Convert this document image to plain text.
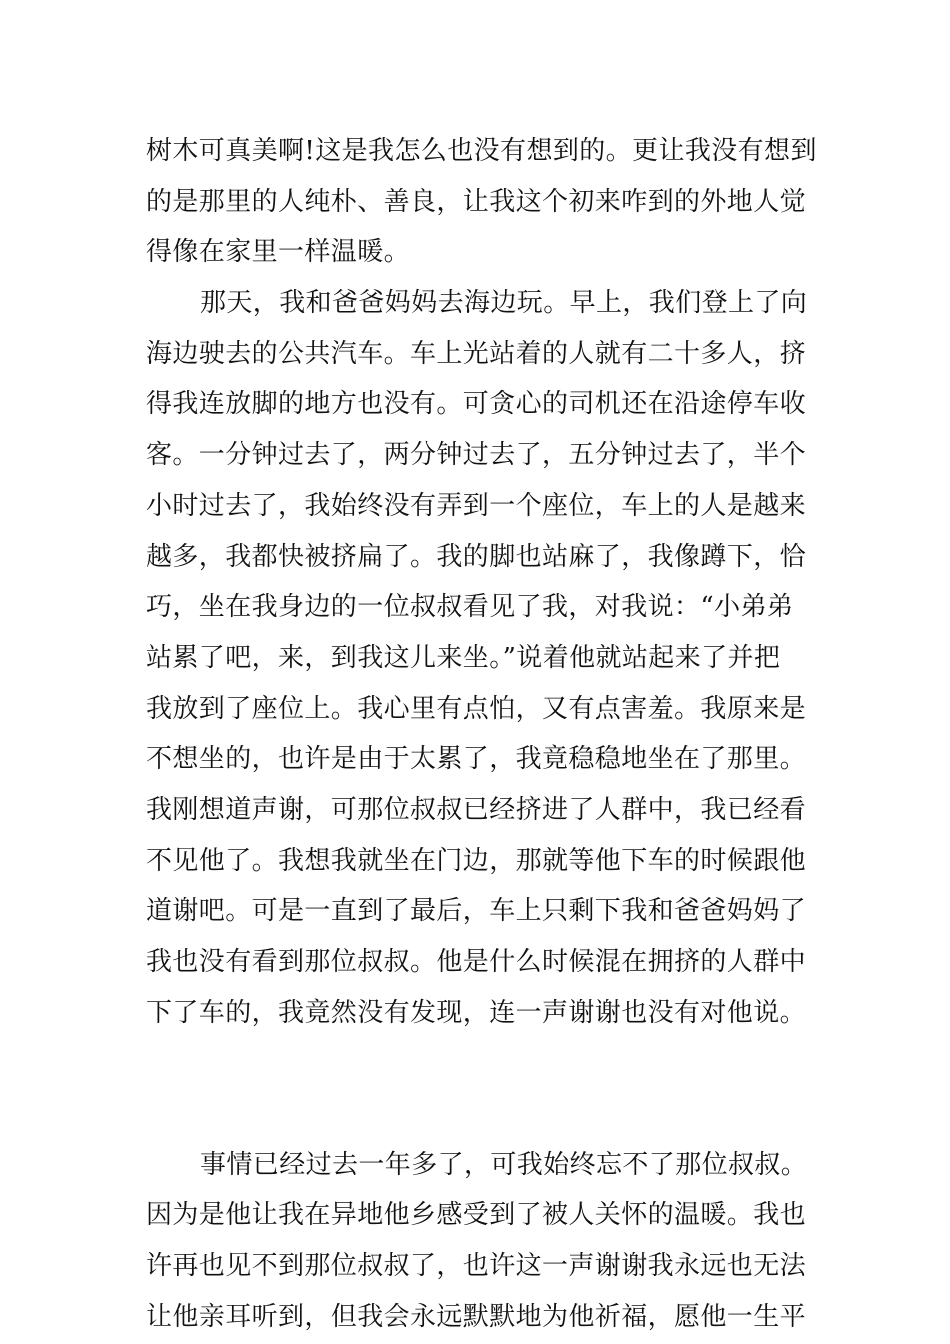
树木可真美啊!这是我怎么也没有想到的。更让我没有想到
的是那里的人纯朴、善良，让我这个初来咋到的外地人觉
得像在家里一样温暖。
那天，我和爸爸妈妈去海边玩。早上，我们登上了向
海边驶去的公共汽车。车上光站着的人就有二十多人，挤
得我连放脚的地方也没有。可贪心的司机还在沿途停车收
客。一分钟过去了，两分钟过去了，五分钟过去了，半个
小时过去了，我始终没有弄到一个座位，车上的人是越来
越多，我都快被挤扁了。我的脚也站麻了，我像蹲下，恰
巧，坐在我身边的一位叔叔看见了我，对我说：“小弟弟
站累了吧，来，到我这儿来坐。”说着他就站起来了并把
我放到了座位上。我心里有点怕，又有点害羞。我原来是
不想坐的，也许是由于太累了，我竟稳稳地坐在了那里。
我刚想道声谢，可那位叔叔已经挤进了人群中，我已经看
不见他了。我想我就坐在门边，那就等他下车的时候跟他
道谢吧。可是一直到了最后，车上只剩下我和爸爸妈妈了
我也没有看到那位叔叔。他是什么时候混在拥挤的人群中
下了车的，我竟然没有发现，连一声谢谢也没有对他说。
事情已经过去一年多了，可我始终忘不了那位叔叔。
因为是他让我在异地他乡感受到了被人关怀的温暖。我也
许再也见不到那位叔叔了，也许这一声谢谢我永远也无法
让他亲耳听到，但我会永远默默地为他祈福，愿他一生平
